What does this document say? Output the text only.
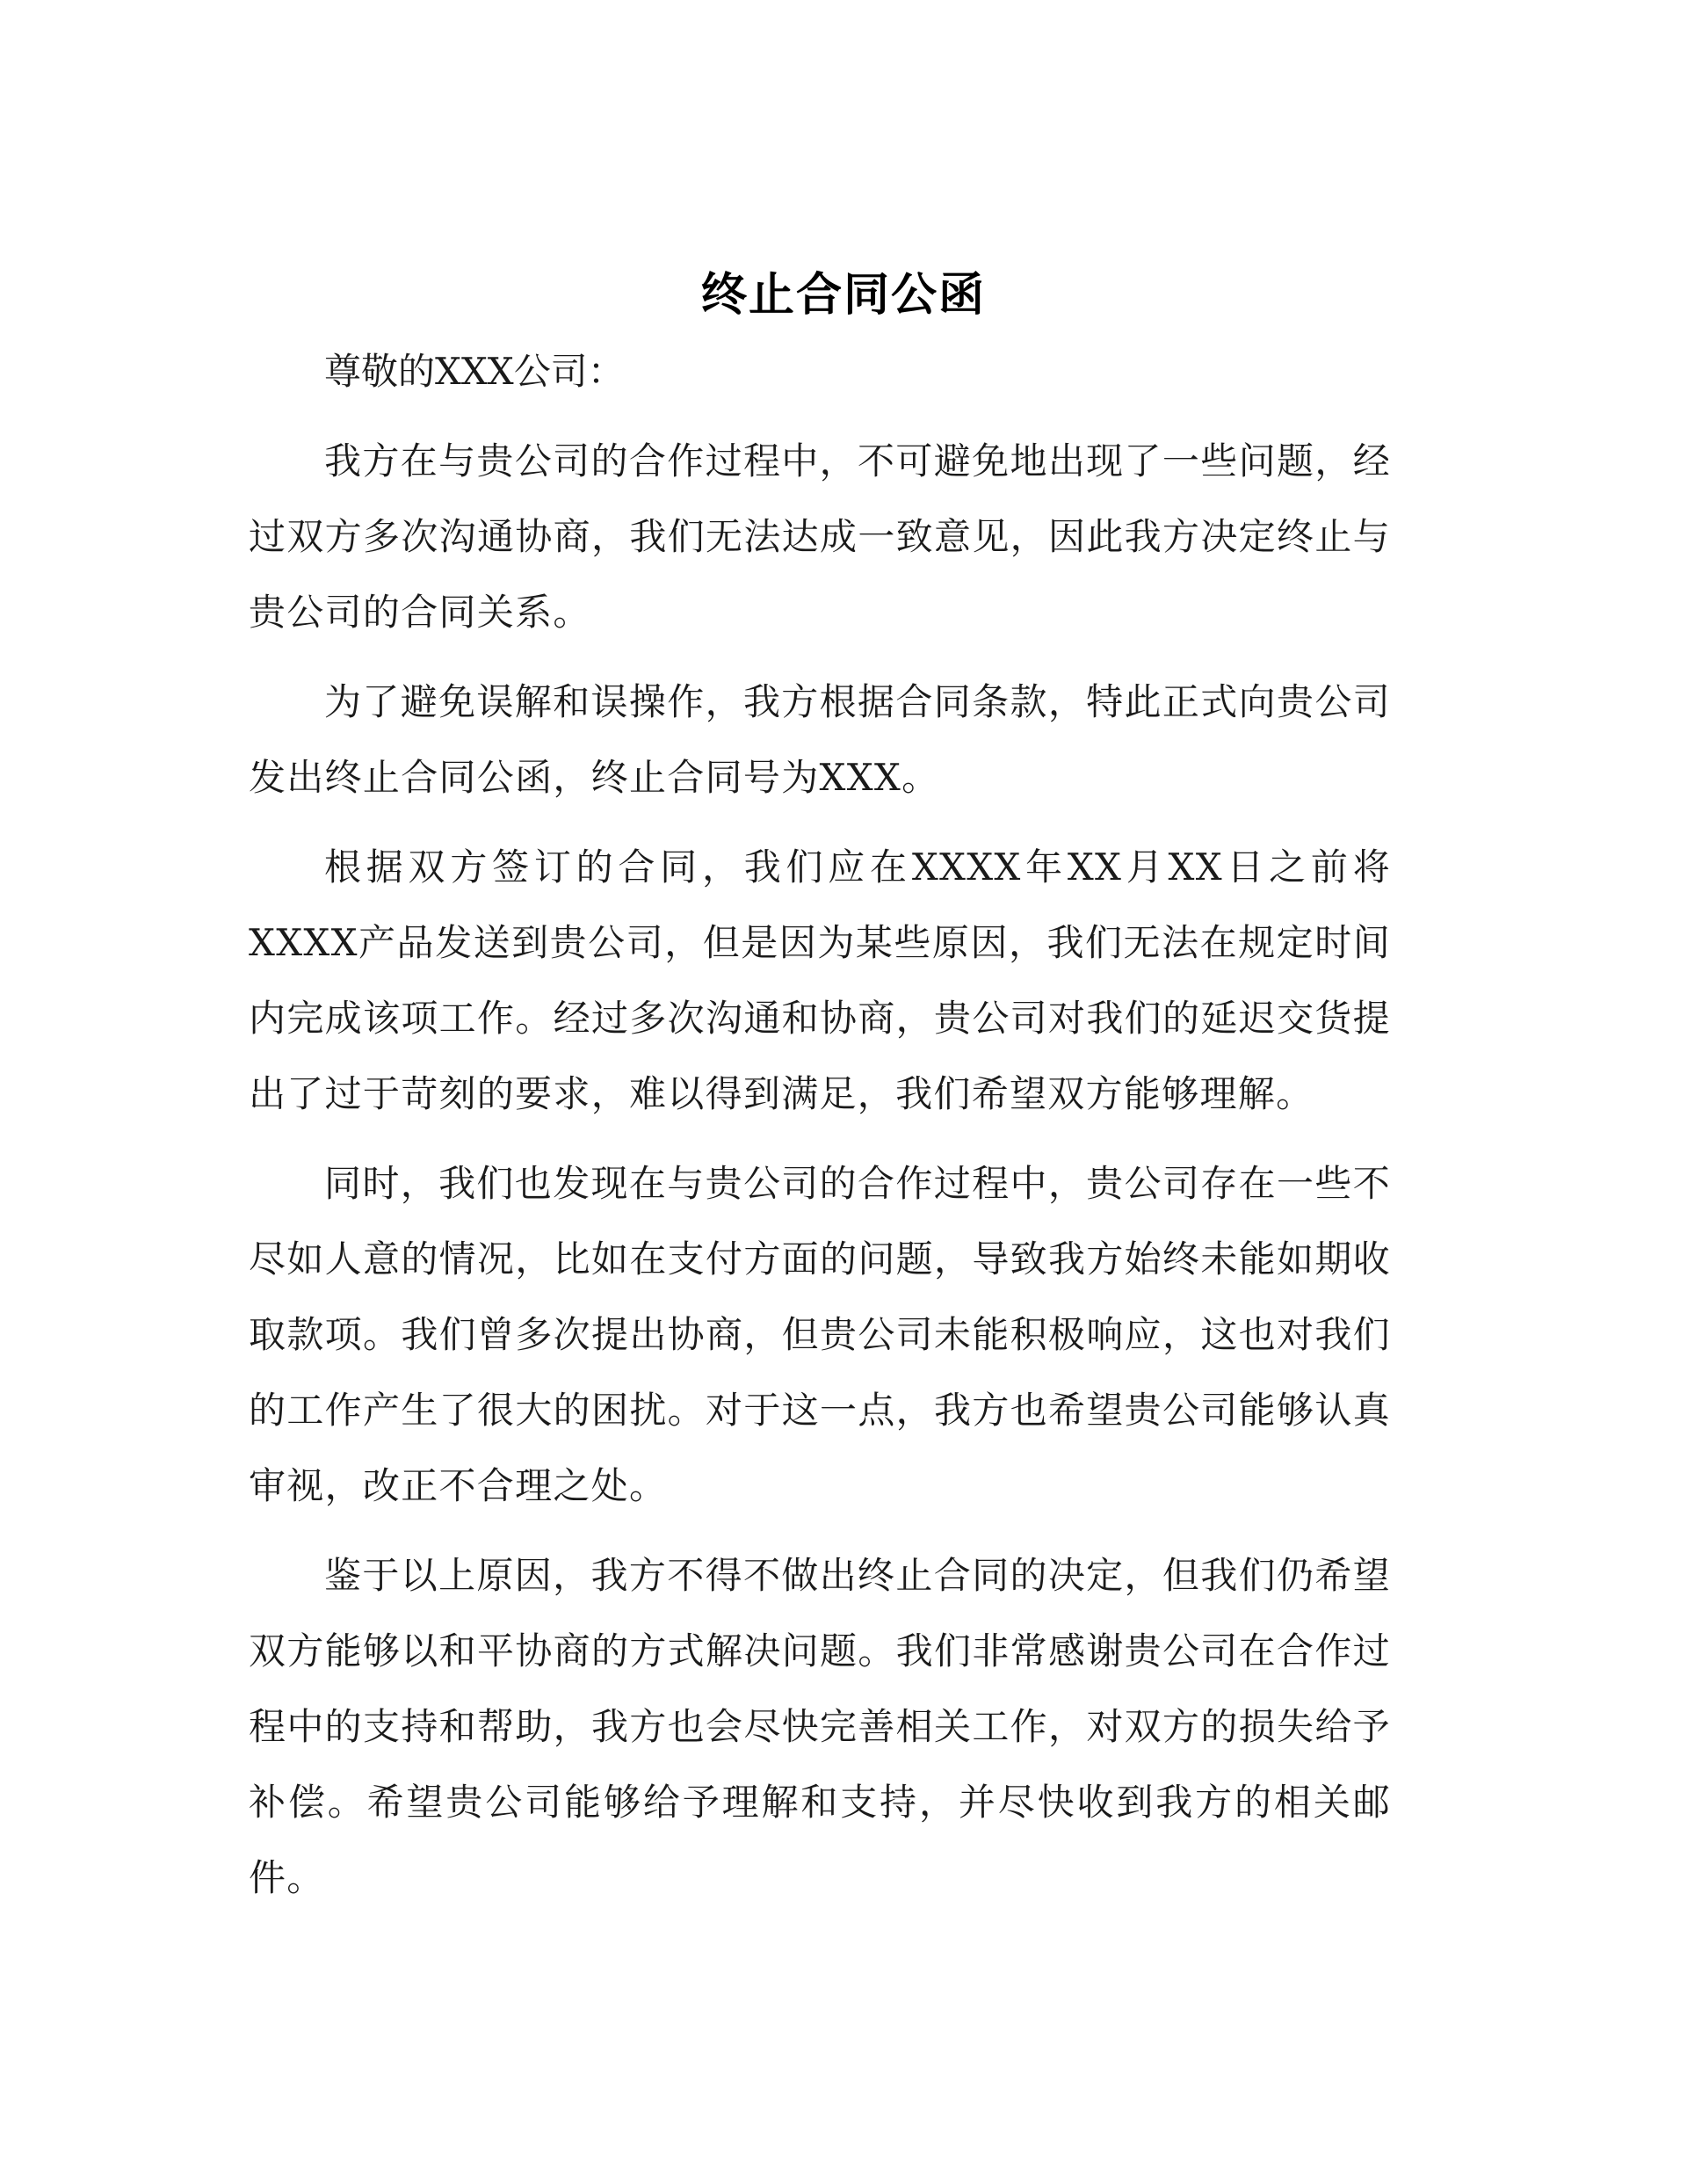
终止合同公函

尊敬的XXX公司：

我方在与贵公司的合作过程中，不可避免地出现了一些问题，经过双方多次沟通协商，我们无法达成一致意见，因此我方决定终止与贵公司的合同关系。

为了避免误解和误操作，我方根据合同条款，特此正式向贵公司发出终止合同公函，终止合同号为XXX。

根据双方签订的合同，我们应在XXXX年XX月XX日之前将XXXX产品发送到贵公司，但是因为某些原因，我们无法在规定时间内完成该项工作。经过多次沟通和协商，贵公司对我们的延迟交货提出了过于苛刻的要求，难以得到满足，我们希望双方能够理解。

同时，我们也发现在与贵公司的合作过程中，贵公司存在一些不尽如人意的情况，比如在支付方面的问题，导致我方始终未能如期收取款项。我们曾多次提出协商，但贵公司未能积极响应，这也对我们的工作产生了很大的困扰。对于这一点，我方也希望贵公司能够认真审视，改正不合理之处。

鉴于以上原因，我方不得不做出终止合同的决定，但我们仍希望双方能够以和平协商的方式解决问题。我们非常感谢贵公司在合作过程中的支持和帮助，我方也会尽快完善相关工作，对双方的损失给予补偿。希望贵公司能够给予理解和支持，并尽快收到我方的相关邮件。
